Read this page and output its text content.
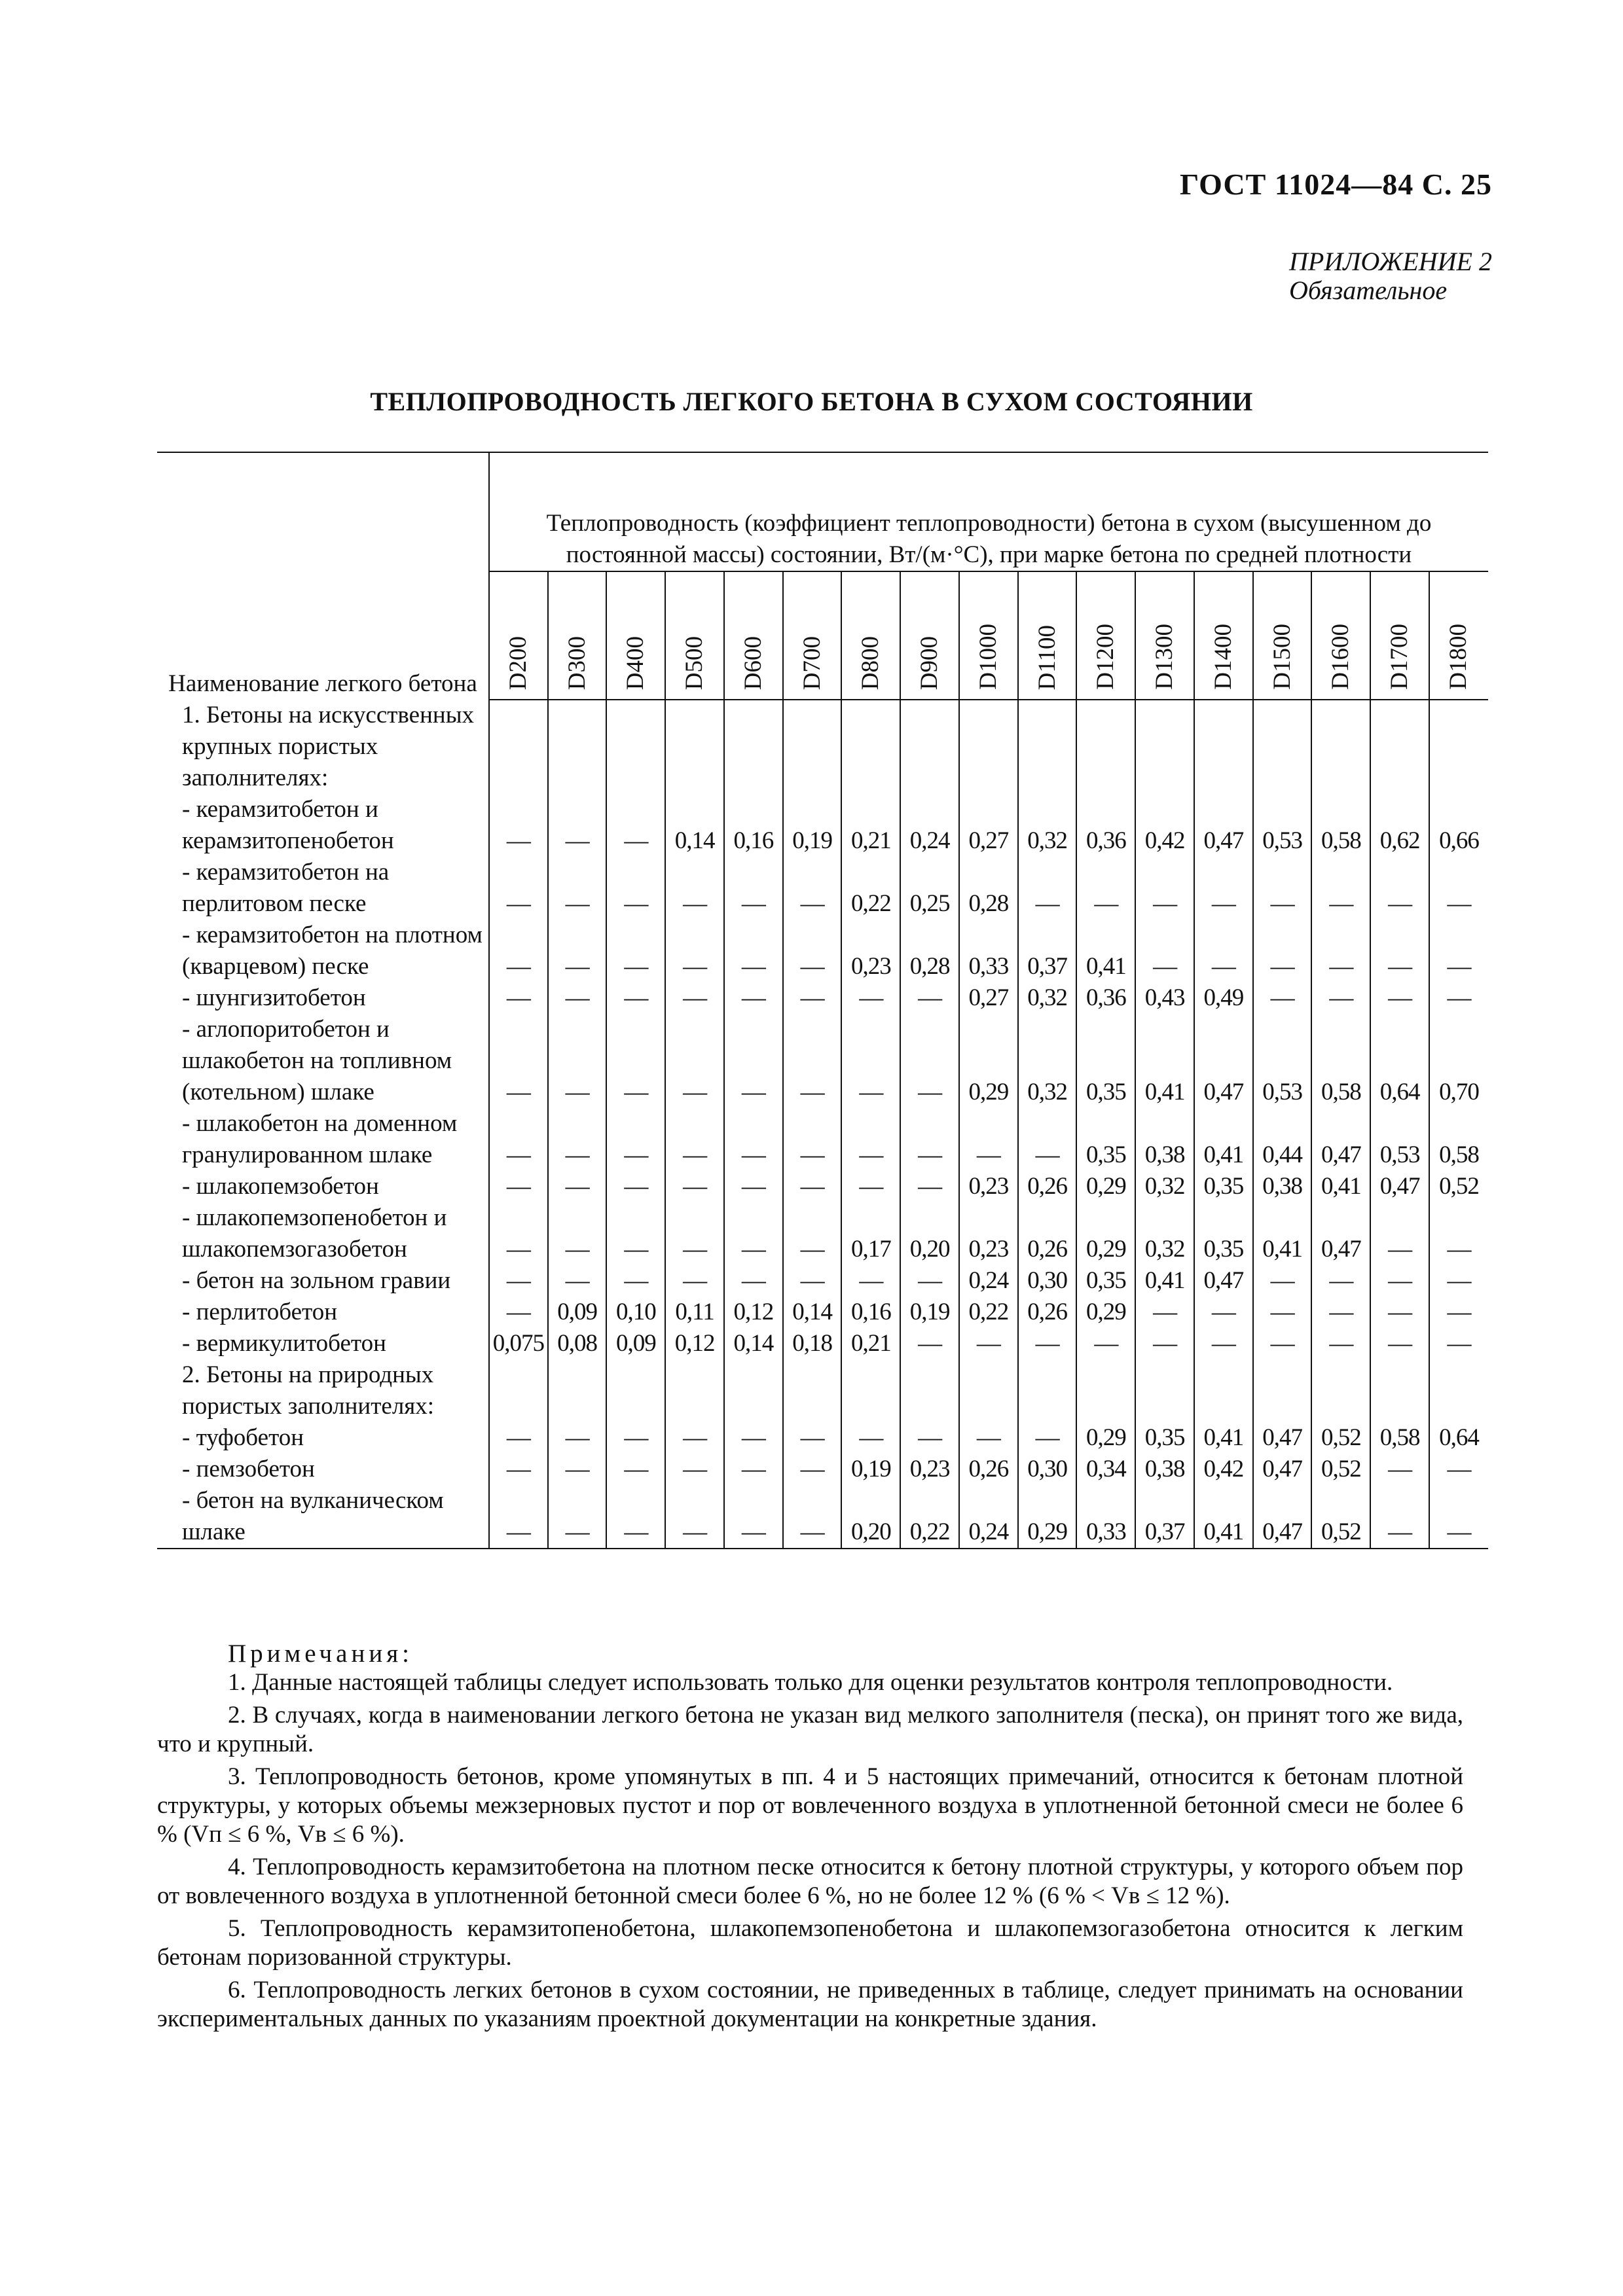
ГОСТ 11024—84 С. 25
ПРИЛОЖЕНИЕ 2
Обязательное
ТЕПЛОПРОВОДНОСТЬ ЛЕГКОГО БЕТОНА В СУХОМ СОСТОЯНИИ
Наименование легкого бетона	Теплопроводность (коэффициент теплопроводности) бетона в сухом (высушенном до постоянной массы) состоянии, Вт/(м·°С), при марке бетона по средней плотности																

	D200	D300	D400	D500	D600	D700	D800	D900	D1000	D1100	D1200	D1300	D1400	D1500	D1600	D1700	D1800

1. Бетоны на искусственных крупных пористых заполнителях:																	

- керамзитобетон и керамзитопенобетон	—	—	—	0,14	0,16	0,19	0,21	0,24	0,27	0,32	0,36	0,42	0,47	0,53	0,58	0,62	0,66

- керамзитобетон на перлитовом песке	—	—	—	—	—	—	0,22	0,25	0,28	—	—	—	—	—	—	—	—

- керамзитобетон на плотном (кварцевом) песке	—	—	—	—	—	—	0,23	0,28	0,33	0,37	0,41	—	—	—	—	—	—

- шунгизитобетон	—	—	—	—	—	—	—	—	0,27	0,32	0,36	0,43	0,49	—	—	—	—

- аглопоритобетон и шлакобетон на топливном (котельном) шлаке	—	—	—	—	—	—	—	—	0,29	0,32	0,35	0,41	0,47	0,53	0,58	0,64	0,70

- шлакобетон на доменном гранулированном шлаке	—	—	—	—	—	—	—	—	—	—	0,35	0,38	0,41	0,44	0,47	0,53	0,58

- шлакопемзобетон	—	—	—	—	—	—	—	—	0,23	0,26	0,29	0,32	0,35	0,38	0,41	0,47	0,52

- шлакопемзопенобетон и шлакопемзогазобетон	—	—	—	—	—	—	0,17	0,20	0,23	0,26	0,29	0,32	0,35	0,41	0,47	—	—

- бетон на зольном гравии	—	—	—	—	—	—	—	—	0,24	0,30	0,35	0,41	0,47	—	—	—	—

- перлитобетон	—	0,09	0,10	0,11	0,12	0,14	0,16	0,19	0,22	0,26	0,29	—	—	—	—	—	—

- вермикулитобетон	0,075	0,08	0,09	0,12	0,14	0,18	0,21	—	—	—	—	—	—	—	—	—	—

2. Бетоны на природных пористых заполнителях:																	

- туфобетон	—	—	—	—	—	—	—	—	—	—	0,29	0,35	0,41	0,47	0,52	0,58	0,64

- пемзобетон	—	—	—	—	—	—	0,19	0,23	0,26	0,30	0,34	0,38	0,42	0,47	0,52	—	—

- бетон на вулканическом шлаке	—	—	—	—	—	—	0,20	0,22	0,24	0,29	0,33	0,37	0,41	0,47	0,52	—	—
Примечания:

1. Данные настоящей таблицы следует использовать только для оценки результатов контроля теплопроводности.

2. В случаях, когда в наименовании легкого бетона не указан вид мелкого заполнителя (песка), он принят того же вида, что и крупный.

3. Теплопроводность бетонов, кроме упомянутых в пп. 4 и 5 настоящих примечаний, относится к бетонам плотной структуры, у которых объемы межзерновых пустот и пор от вовлеченного воздуха в уплотненной бетонной смеси не более 6 % (Vп ≤ 6 %, Vв ≤ 6 %).

4. Теплопроводность керамзитобетона на плотном песке относится к бетону плотной структуры, у которого объем пор от вовлеченного воздуха в уплотненной бетонной смеси более 6 %, но не более 12 % (6 % < Vв ≤ 12 %).

5. Теплопроводность керамзитопенобетона, шлакопемзопенобетона и шлакопемзогазобетона относится к легким бетонам поризованной структуры.

6. Теплопроводность легких бетонов в сухом состоянии, не приведенных в таблице, следует принимать на основании экспериментальных данных по указаниям проектной документации на конкретные здания.
